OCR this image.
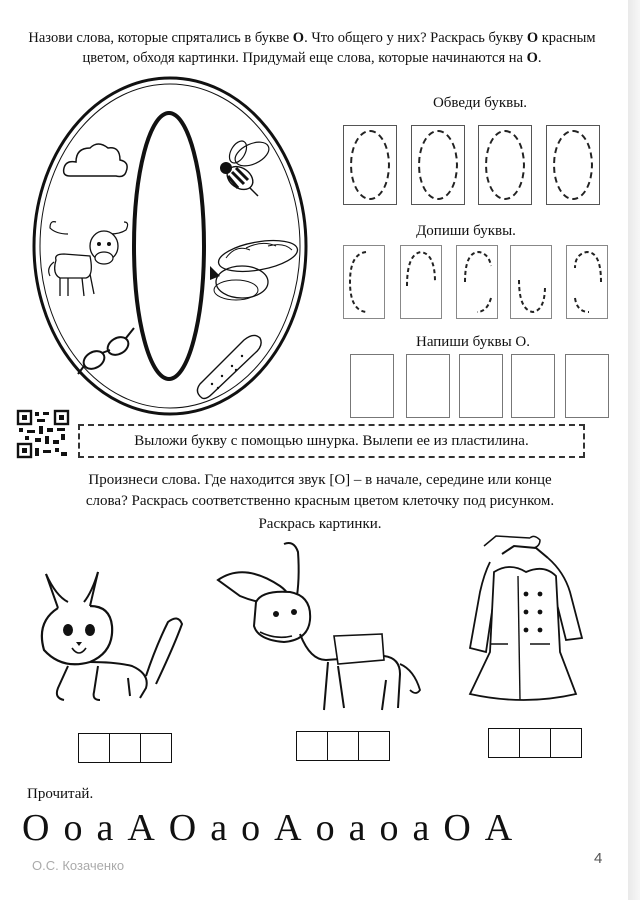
Назови слова, которые спрятались в букве О. Что общего у них? Раскрась букву О красным цветом, обходя картинки. Придумай еще слова, которые начинаются на О.
Обведи буквы.
Допиши буквы.
Напиши буквы О.
Выложи букву с помощью шнурка. Вылепи ее из пластилина.
Произнеси слова. Где находится звук [О] – в начале, середине или конце
слова? Раскрась соответственно красным цветом клеточку под рисунком.
Раскрась картинки.
Прочитай.
О о а А О а о А о а о а О А
О.С. Козаченко	4
